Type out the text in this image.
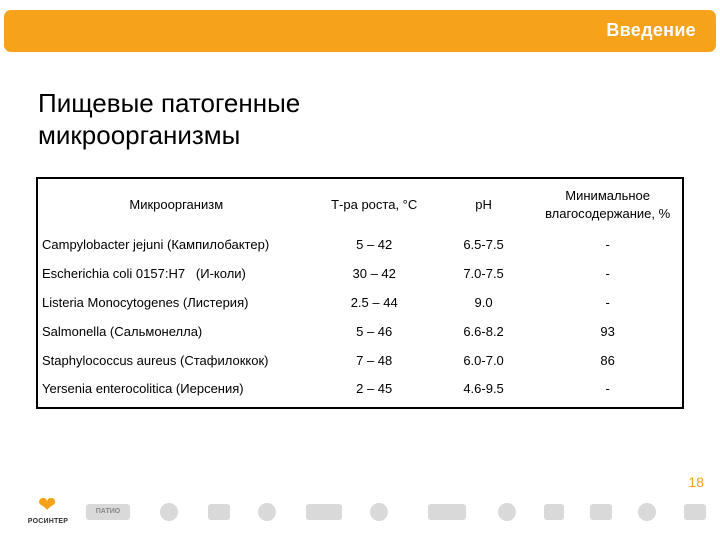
Введение
Пищевые патогенные
микроорганизмы
Микроорганизм	Т-ра роста, °С	pH	Минимальное влагосодержание, %
Campylobacter jejuni (Кампилобактер)	5 – 42	6.5-7.5	-
Escherichia coli 0157:H7   (И-коли)	30 – 42	7.0-7.5	-
Listeria Monocytogenes (Листерия)	2.5 – 44	9.0	-
Salmonella (Сальмонелла)	5 – 46	6.6-8.2	93
Staphylococcus aureus (Стафилоккок)	7 – 48	6.0-7.0	86
Yersenia enterocolitica (Иерсения)	2 – 45	4.6-9.5	-
18
❤
РОСИНТЕР
ПАТИО
